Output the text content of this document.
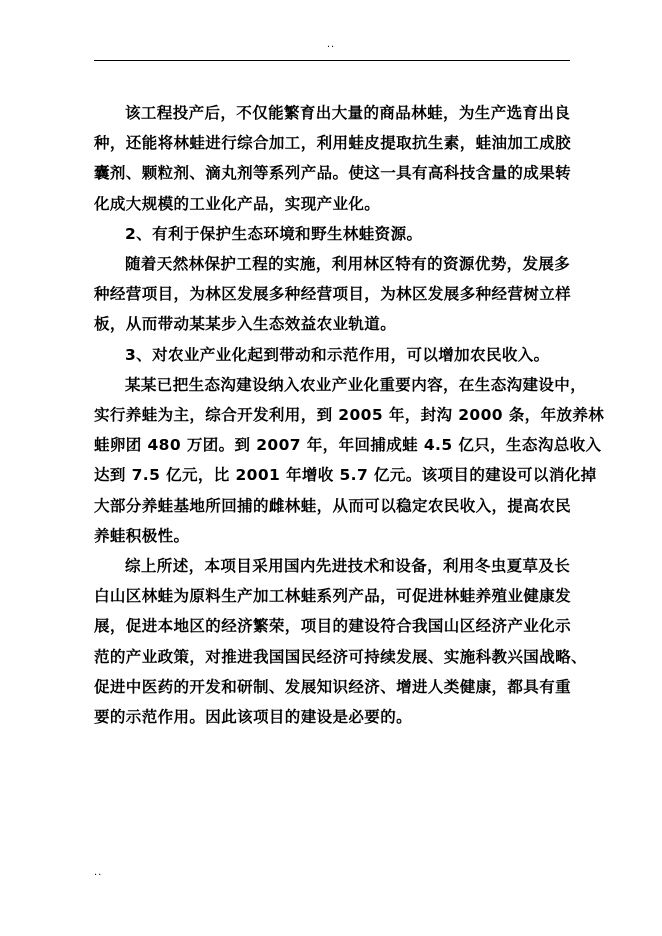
..

该工程投产后，不仅能繁育出大量的商品林蛙，为生产选育出良
种，还能将林蛙进行综合加工，利用蛙皮提取抗生素，蛙油加工成胶
囊剂、颗粒剂、滴丸剂等系列产品。使这一具有高科技含量的成果转
化成大规模的工业化产品，实现产业化。

2、有利于保护生态环境和野生林蛙资源。

随着天然林保护工程的实施，利用林区特有的资源优势，发展多
种经营项目，为林区发展多种经营项目，为林区发展多种经营树立样
板，从而带动某某步入生态效益农业轨道。

3、对农业产业化起到带动和示范作用，可以增加农民收入。

某某已把生态沟建设纳入农业产业化重要内容，在生态沟建设中，
实行养蛙为主，综合开发利用，到 2005 年，封沟 2000 条，年放养林
蛙卵团 480 万团。到 2007 年，年回捕成蛙 4.5 亿只，生态沟总收入
达到 7.5 亿元，比 2001 年增收 5.7 亿元。该项目的建设可以消化掉
大部分养蛙基地所回捕的雌林蛙，从而可以稳定农民收入，提高农民
养蛙积极性。

综上所述，本项目采用国内先进技术和设备，利用冬虫夏草及长
白山区林蛙为原料生产加工林蛙系列产品，可促进林蛙养殖业健康发
展，促进本地区的经济繁荣，项目的建设符合我国山区经济产业化示
范的产业政策，对推进我国国民经济可持续发展、实施科教兴国战略、
促进中医药的开发和研制、发展知识经济、增进人类健康，都具有重
要的示范作用。因此该项目的建设是必要的。

..
